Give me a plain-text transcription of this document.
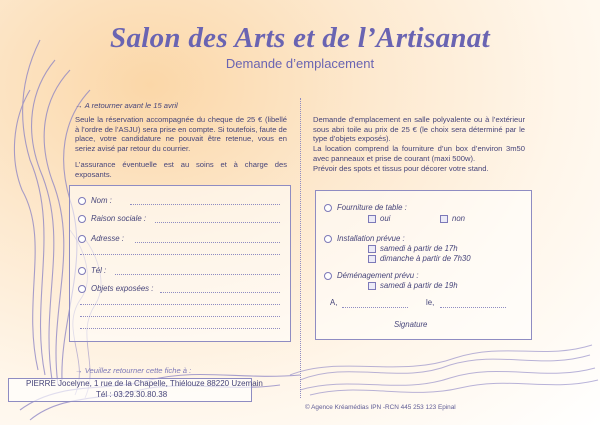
Salon des Arts et de l’Artisanat
Demande d’emplacement
→ A retourner avant le 15 avril
Seule la réservation accompagnée du cheque de 25 € (libellé à l’ordre de l’ASJU) sera prise en compte. Si toutefois, faute de place, votre candidature ne pouvait être retenue, vous en seriez avisé par retour du courrier.
L’assurance éventuelle est au soins et à charge des exposants.
Demande d’emplacement en salle polyvalente ou à l’extérieur sous abri toile au prix de 25 € (le choix sera déterminé par le type d’objets exposés).
La location comprend la fourniture d’un box d’environ 3m50 avec panneaux et prise de courant (maxi 500w).
Prévoir des spots et tissus pour décorer votre stand.
Nom :
Raison sociale :
Adresse :
Tél :
Objets exposées :
Fourniture de table :
oui	non
Installation prévue :
samedi à partir de 17h
dimanche à partir de 7h30
Déménagement prévu :
samedi à partir de 19h
A,	le,
Signature
→ Veuillez retourner cette fiche à :
PIERRE Jocelyne, 1 rue de la Chapelle, Thiélouze 88220 Uzemain
Tél : 03.29.30.80.38
© Agence Kréamédias IPN -RCN 445 253 123 Epinal
